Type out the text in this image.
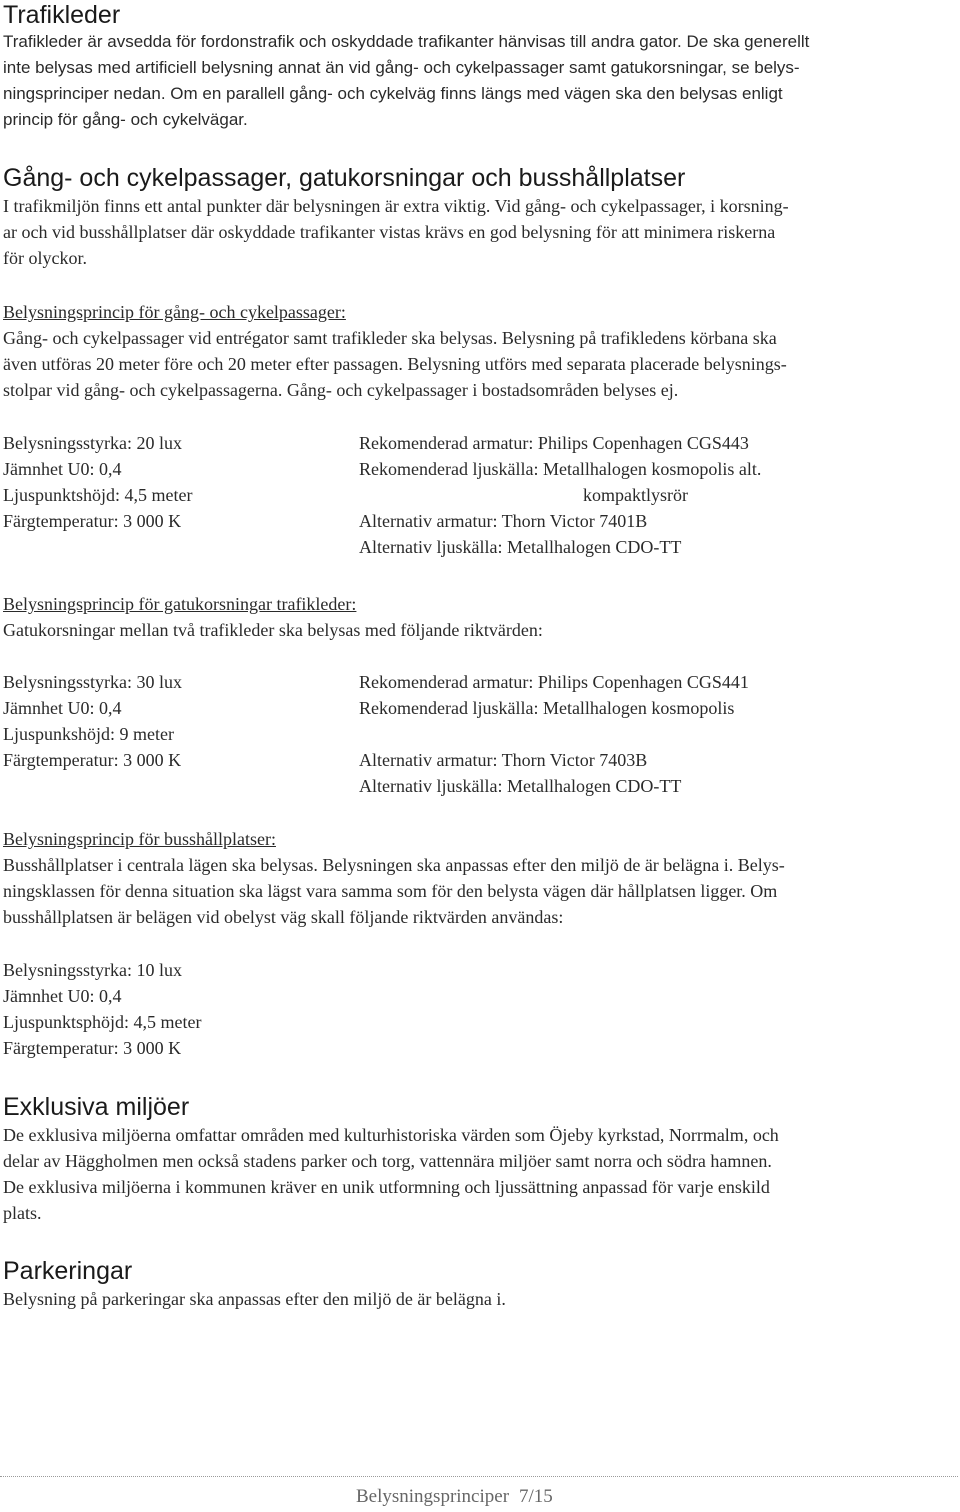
Trafikleder

Trafikleder är avsedda för fordonstrafik och oskyddade trafikanter hänvisas till andra gator. De ska generellt

inte belysas med artificiell belysning annat än vid gång- och cykelpassager samt gatukorsningar, se belys-

ningsprinciper nedan. Om en parallell gång- och cykelväg finns längs med vägen ska den belysas enligt

princip för gång- och cykelvägar.

Gång- och cykelpassager, gatukorsningar och busshållplatser

I trafikmiljön finns ett antal punkter där belysningen är extra viktig. Vid gång- och cykelpassager, i korsning-

ar och vid busshållplatser där oskyddade trafikanter vistas krävs en god belysning för att minimera riskerna

för olyckor.

Belysningsprincip för gång- och cykelpassager:

Gång- och cykelpassager vid entrégator samt trafikleder ska belysas. Belysning på trafikledens körbana ska

även utföras 20 meter före och 20 meter efter passagen. Belysning utförs med separata placerade belysnings-

stolpar vid gång- och cykelpassagerna. Gång- och cykelpassager i bostadsområden belyses ej.

Belysningsstyrka: 20 lux
Jämnhet U0: 0,4
Ljuspunktshöjd: 4,5 meter
Färgtemperatur: 3 000 K
Rekomenderad armatur: Philips Copenhagen CGS443
Rekomenderad ljuskälla: Metallhalogen kosmopolis alt.
kompaktlysrör
Alternativ armatur: Thorn Victor 7401B
Alternativ ljuskälla: Metallhalogen CDO-TT

Belysningsprincip för gatukorsningar trafikleder:

Gatukorsningar mellan två trafikleder ska belysas med följande riktvärden:

Belysningsstyrka: 30 lux
Jämnhet U0: 0,4
Ljuspunkshöjd: 9 meter
Färgtemperatur: 3 000 K
Rekomenderad armatur: Philips Copenhagen CGS441
Rekomenderad ljuskälla: Metallhalogen kosmopolis
Alternativ armatur: Thorn Victor 7403B
Alternativ ljuskälla: Metallhalogen CDO-TT

Belysningsprincip för busshållplatser:

Busshållplatser i centrala lägen ska belysas. Belysningen ska anpassas efter den miljö de är belägna i. Belys-

ningsklassen för denna situation ska lägst vara samma som för den belysta vägen där hållplatsen ligger. Om

busshållplatsen är belägen vid obelyst väg skall följande riktvärden användas:

Belysningsstyrka: 10 lux
Jämnhet U0: 0,4
Ljuspunktsphöjd: 4,5 meter
Färgtemperatur: 3 000 K
Exklusiva miljöer

De exklusiva miljöerna omfattar områden med kulturhistoriska värden som Öjeby kyrkstad, Norrmalm, och

delar av Häggholmen men också stadens parker och torg, vattennära miljöer samt norra och södra hamnen.

De exklusiva miljöerna i kommunen kräver en unik utformning och ljussättning anpassad för varje enskild

plats.

Parkeringar

Belysning på parkeringar ska anpassas efter den miljö de är belägna i.

Belysningsprinciper 7/15
